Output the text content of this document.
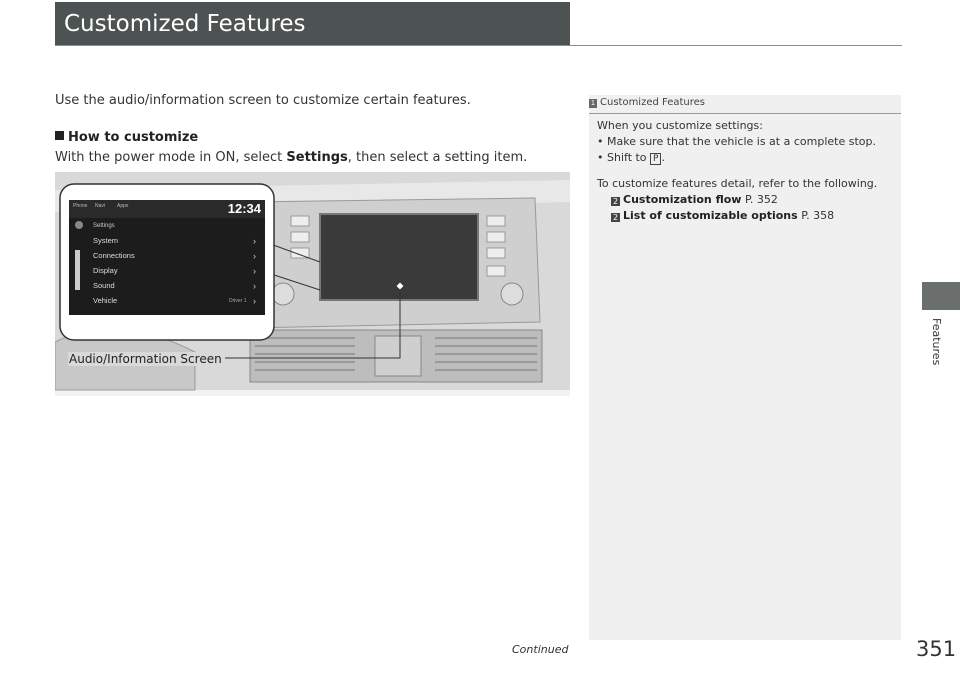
Customized Features
Use the audio/information screen to customize certain features.
How to customize
With the power mode in ON, select Settings, then select a setting item.
Phone Navi Apps	12:34
Settings
System
Connections
Display
Sound
Vehicle	Driver 1
›
›
›
›
›
Audio/Information Screen
1 Customized Features
When you customize settings:
• Make sure that the vehicle is at a complete stop.
• Shift to P .
To customize features detail, refer to the following.
2 Customization flow P. 352
2 List of customizable options P. 358
Features
Continued	351
